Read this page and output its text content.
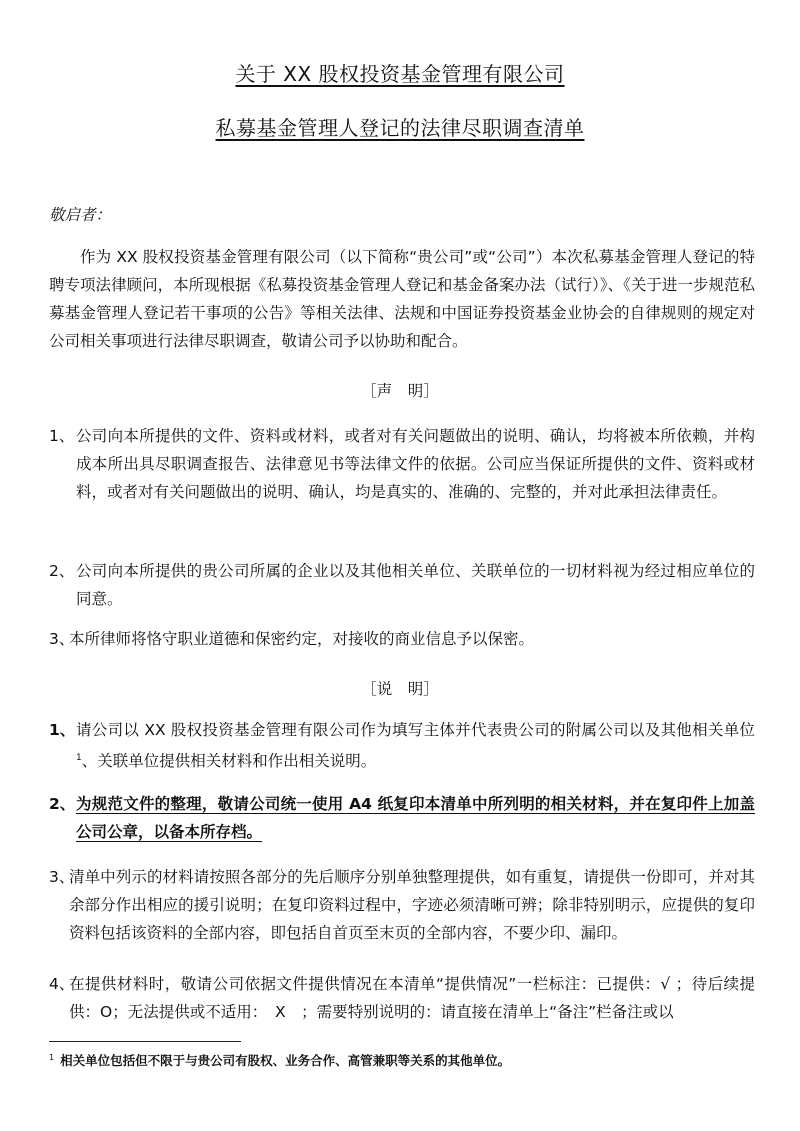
关于 XX 股权投资基金管理有限公司
私募基金管理人登记的法律尽职调查清单
敬启者：
作为 XX 股权投资基金管理有限公司（以下简称“贵公司”或“公司”）本次私募基金管理人登记的特聘专项法律顾问，本所现根据《私募投资基金管理人登记和基金备案办法（试行）》、《关于进一步规范私募基金管理人登记若干事项的公告》等相关法律、法规和中国证券投资基金业协会的自律规则的规定对公司相关事项进行法律尽职调查，敬请公司予以协助和配合。
［声　明］
1、 公司向本所提供的文件、资料或材料，或者对有关问题做出的说明、确认，均将被本所依赖，并构成本所出具尽职调查报告、法律意见书等法律文件的依据。公司应当保证所提供的文件、资料或材料，或者对有关问题做出的说明、确认，均是真实的、准确的、完整的，并对此承担法律责任。
2、 公司向本所提供的贵公司所属的企业以及其他相关单位、关联单位的一切材料视为经过相应单位的同意。
3、
本所律师将恪守职业道德和保密约定，对接收的商业信息予以保密。
［说　明］
1、 请公司以 XX 股权投资基金管理有限公司作为填写主体并代表贵公司的附属公司以及其他相关单位$^1$、关联单位提供相关材料和作出相关说明。
2、 为规范文件的整理，敬请公司统一使用 A4 纸复印本清单中所列明的相关材料，并在复印件上加盖公司公章，以备本所存档。
3、
清单中列示的材料请按照各部分的先后顺序分别单独整理提供，如有重复，请提供一份即可，并对其余部分作出相应的援引说明；在复印资料过程中，字迹必须清晰可辨；除非特别明示，应提供的复印资料包括该资料的全部内容，即包括自首页至末页的全部内容，不要少印、漏印。
4、
在提供材料时，敬请公司依据文件提供情况在本清单“提供情况”一栏标注：已提供：√ ；待后续提供：O；无法提供或不适用：　X　；需要特别说明的：请直接在清单上“备注”栏备注或以
$^1$ 相关单位包括但不限于与贵公司有股权、业务合作、高管兼职等关系的其他单位。
